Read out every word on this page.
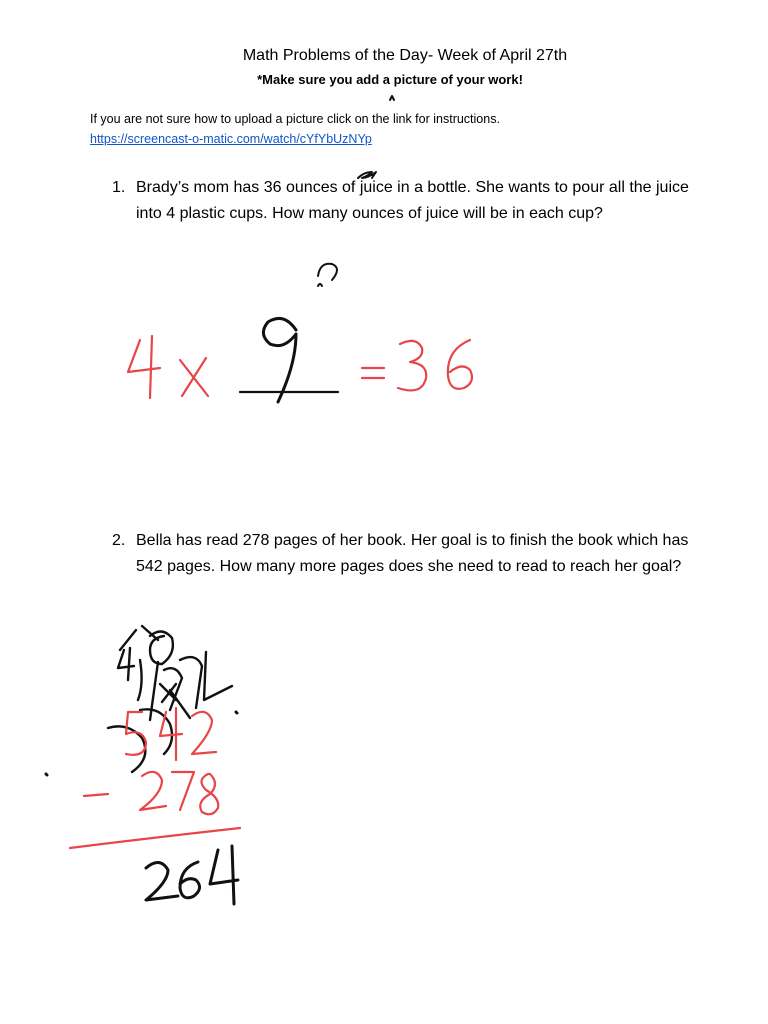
Math Problems of the Day- Week of April 27th
*Make sure you add a picture of your work!
If you are not sure how to upload a picture click on the link for instructions.
https://screencast-o-matic.com/watch/cYfYbUzNYp
1. Brady’s mom has 36 ounces of juice in a bottle. She wants to pour all the juice into 4 plastic cups. How many ounces of juice will be in each cup?
2. Bella has read 278 pages of her book. Her goal is to finish the book which has 542 pages. How many more pages does she need to read to reach her goal?
